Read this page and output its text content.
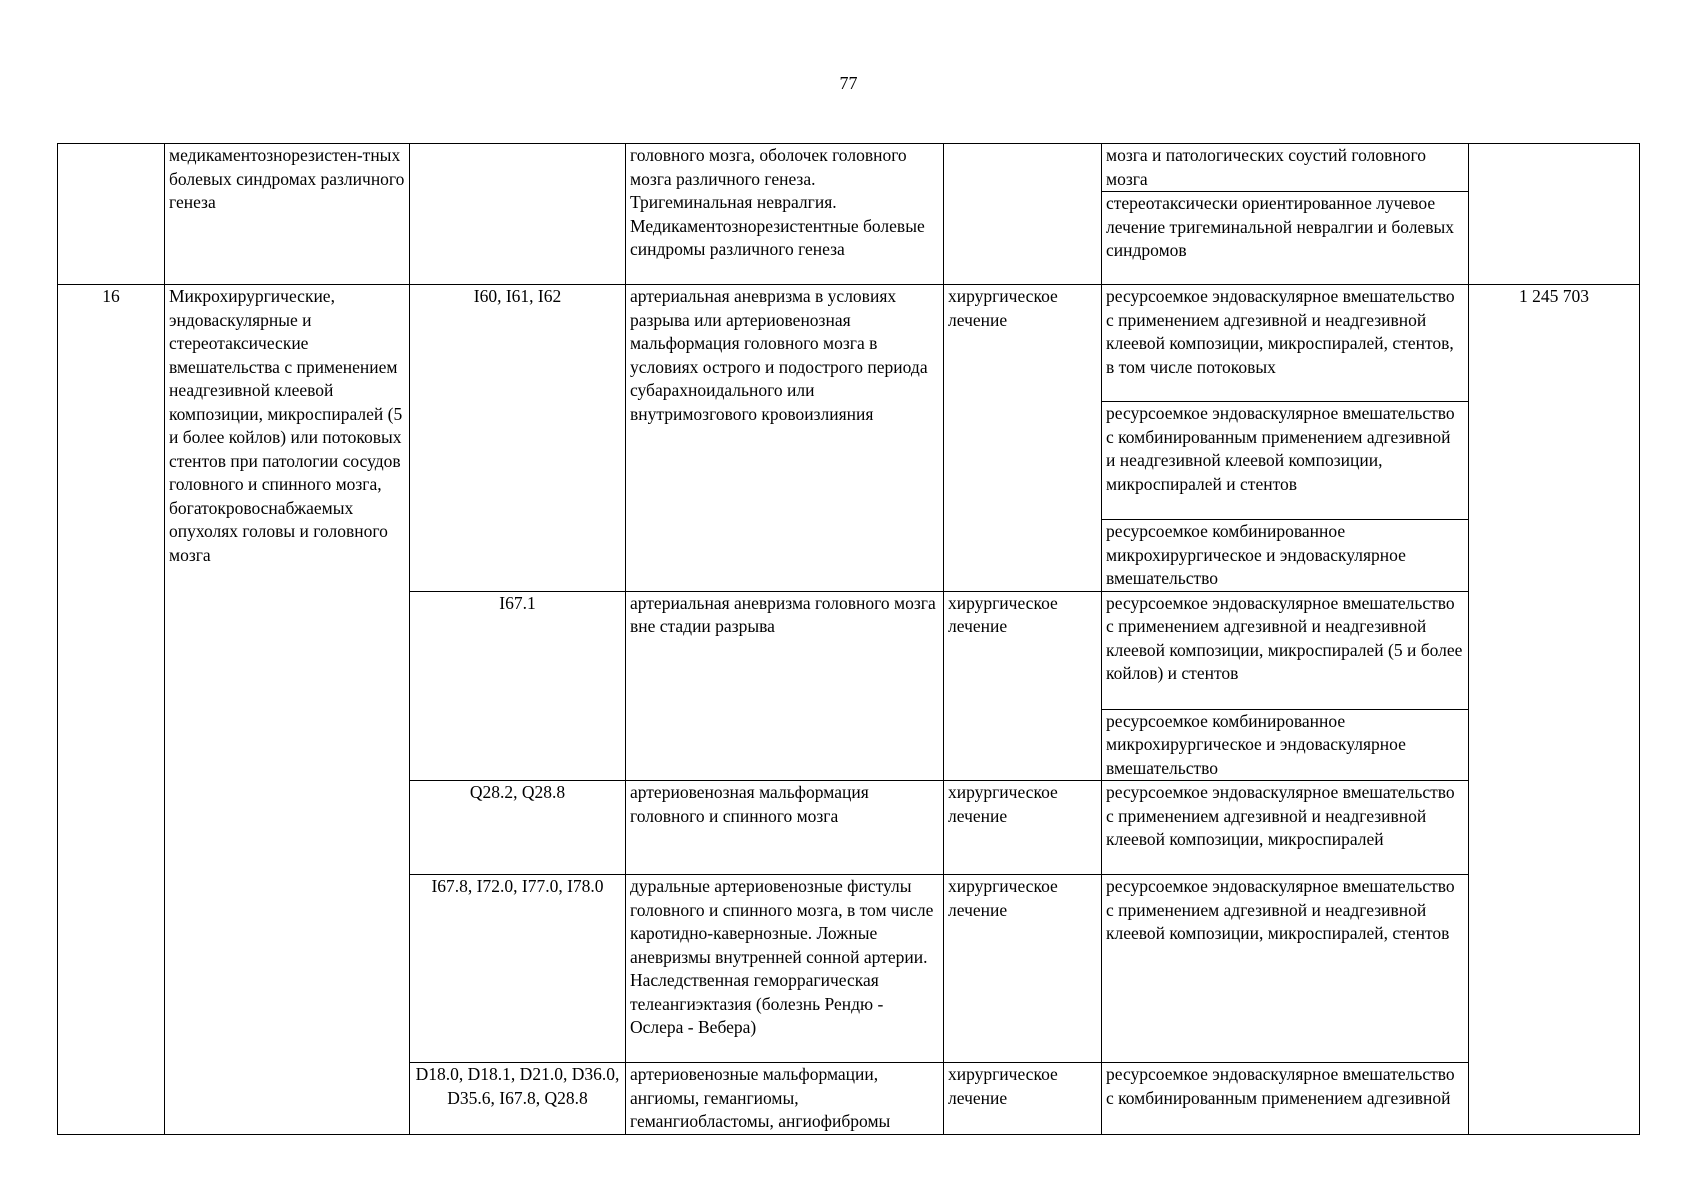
77
	медикаментознорезистен-тных болевых синдромах различного генеза		головного мозга, оболочек головного мозга различного генеза. Тригеминальная невралгия. Медикаментознорезистентные болевые синдромы различного генеза		мозга и патологических соустий головного мозга	
					стереотаксически ориентированное лучевое лечение тригеминальной невралгии и болевых синдромов	
16	Микрохирургические, эндоваскулярные и стереотаксические вмешательства с применением неадгезивной клеевой композиции, микроспиралей (5 и более койлов) или потоковых стентов при патологии сосудов головного и спинного мозга, богатокровоснабжаемых опухолях головы и головного мозга	I60, I61, I62	артериальная аневризма в условиях разрыва или артериовенозная мальформация головного мозга в условиях острого и подострого периода субарахноидального или внутримозгового кровоизлияния	хирургическое лечение	ресурсоемкое эндоваскулярное вмешательство с применением адгезивной и неадгезивной клеевой композиции, микроспиралей, стентов, в том числе потоковых	1 245 703
					ресурсоемкое эндоваскулярное вмешательство с комбинированным применением адгезивной и неадгезивной клеевой композиции, микроспиралей и стентов	
					ресурсоемкое комбинированное микрохирургическое и эндоваскулярное вмешательство	
		I67.1	артериальная аневризма головного мозга вне стадии разрыва	хирургическое лечение	ресурсоемкое эндоваскулярное вмешательство с применением адгезивной и неадгезивной клеевой композиции, микроспиралей (5 и более койлов) и стентов	
					ресурсоемкое комбинированное микрохирургическое и эндоваскулярное вмешательство	
		Q28.2, Q28.8	артериовенозная мальформация головного и спинного мозга	хирургическое лечение	ресурсоемкое эндоваскулярное вмешательство с применением адгезивной и неадгезивной клеевой композиции, микроспиралей	
		I67.8, I72.0, I77.0, I78.0	дуральные артериовенозные фистулы головного и спинного мозга, в том числе каротидно-кавернозные. Ложные аневризмы внутренней сонной артерии. Наследственная геморрагическая телеангиэктазия (болезнь Рендю - Ослера - Вебера)	хирургическое лечение	ресурсоемкое эндоваскулярное вмешательство с применением адгезивной и неадгезивной клеевой композиции, микроспиралей, стентов	
		D18.0, D18.1, D21.0, D36.0, D35.6, I67.8, Q28.8	артериовенозные мальформации, ангиомы, гемангиомы, гемангиобластомы, ангиофибромы	хирургическое лечение	ресурсоемкое эндоваскулярное вмешательство с комбинированным применением адгезивной	
